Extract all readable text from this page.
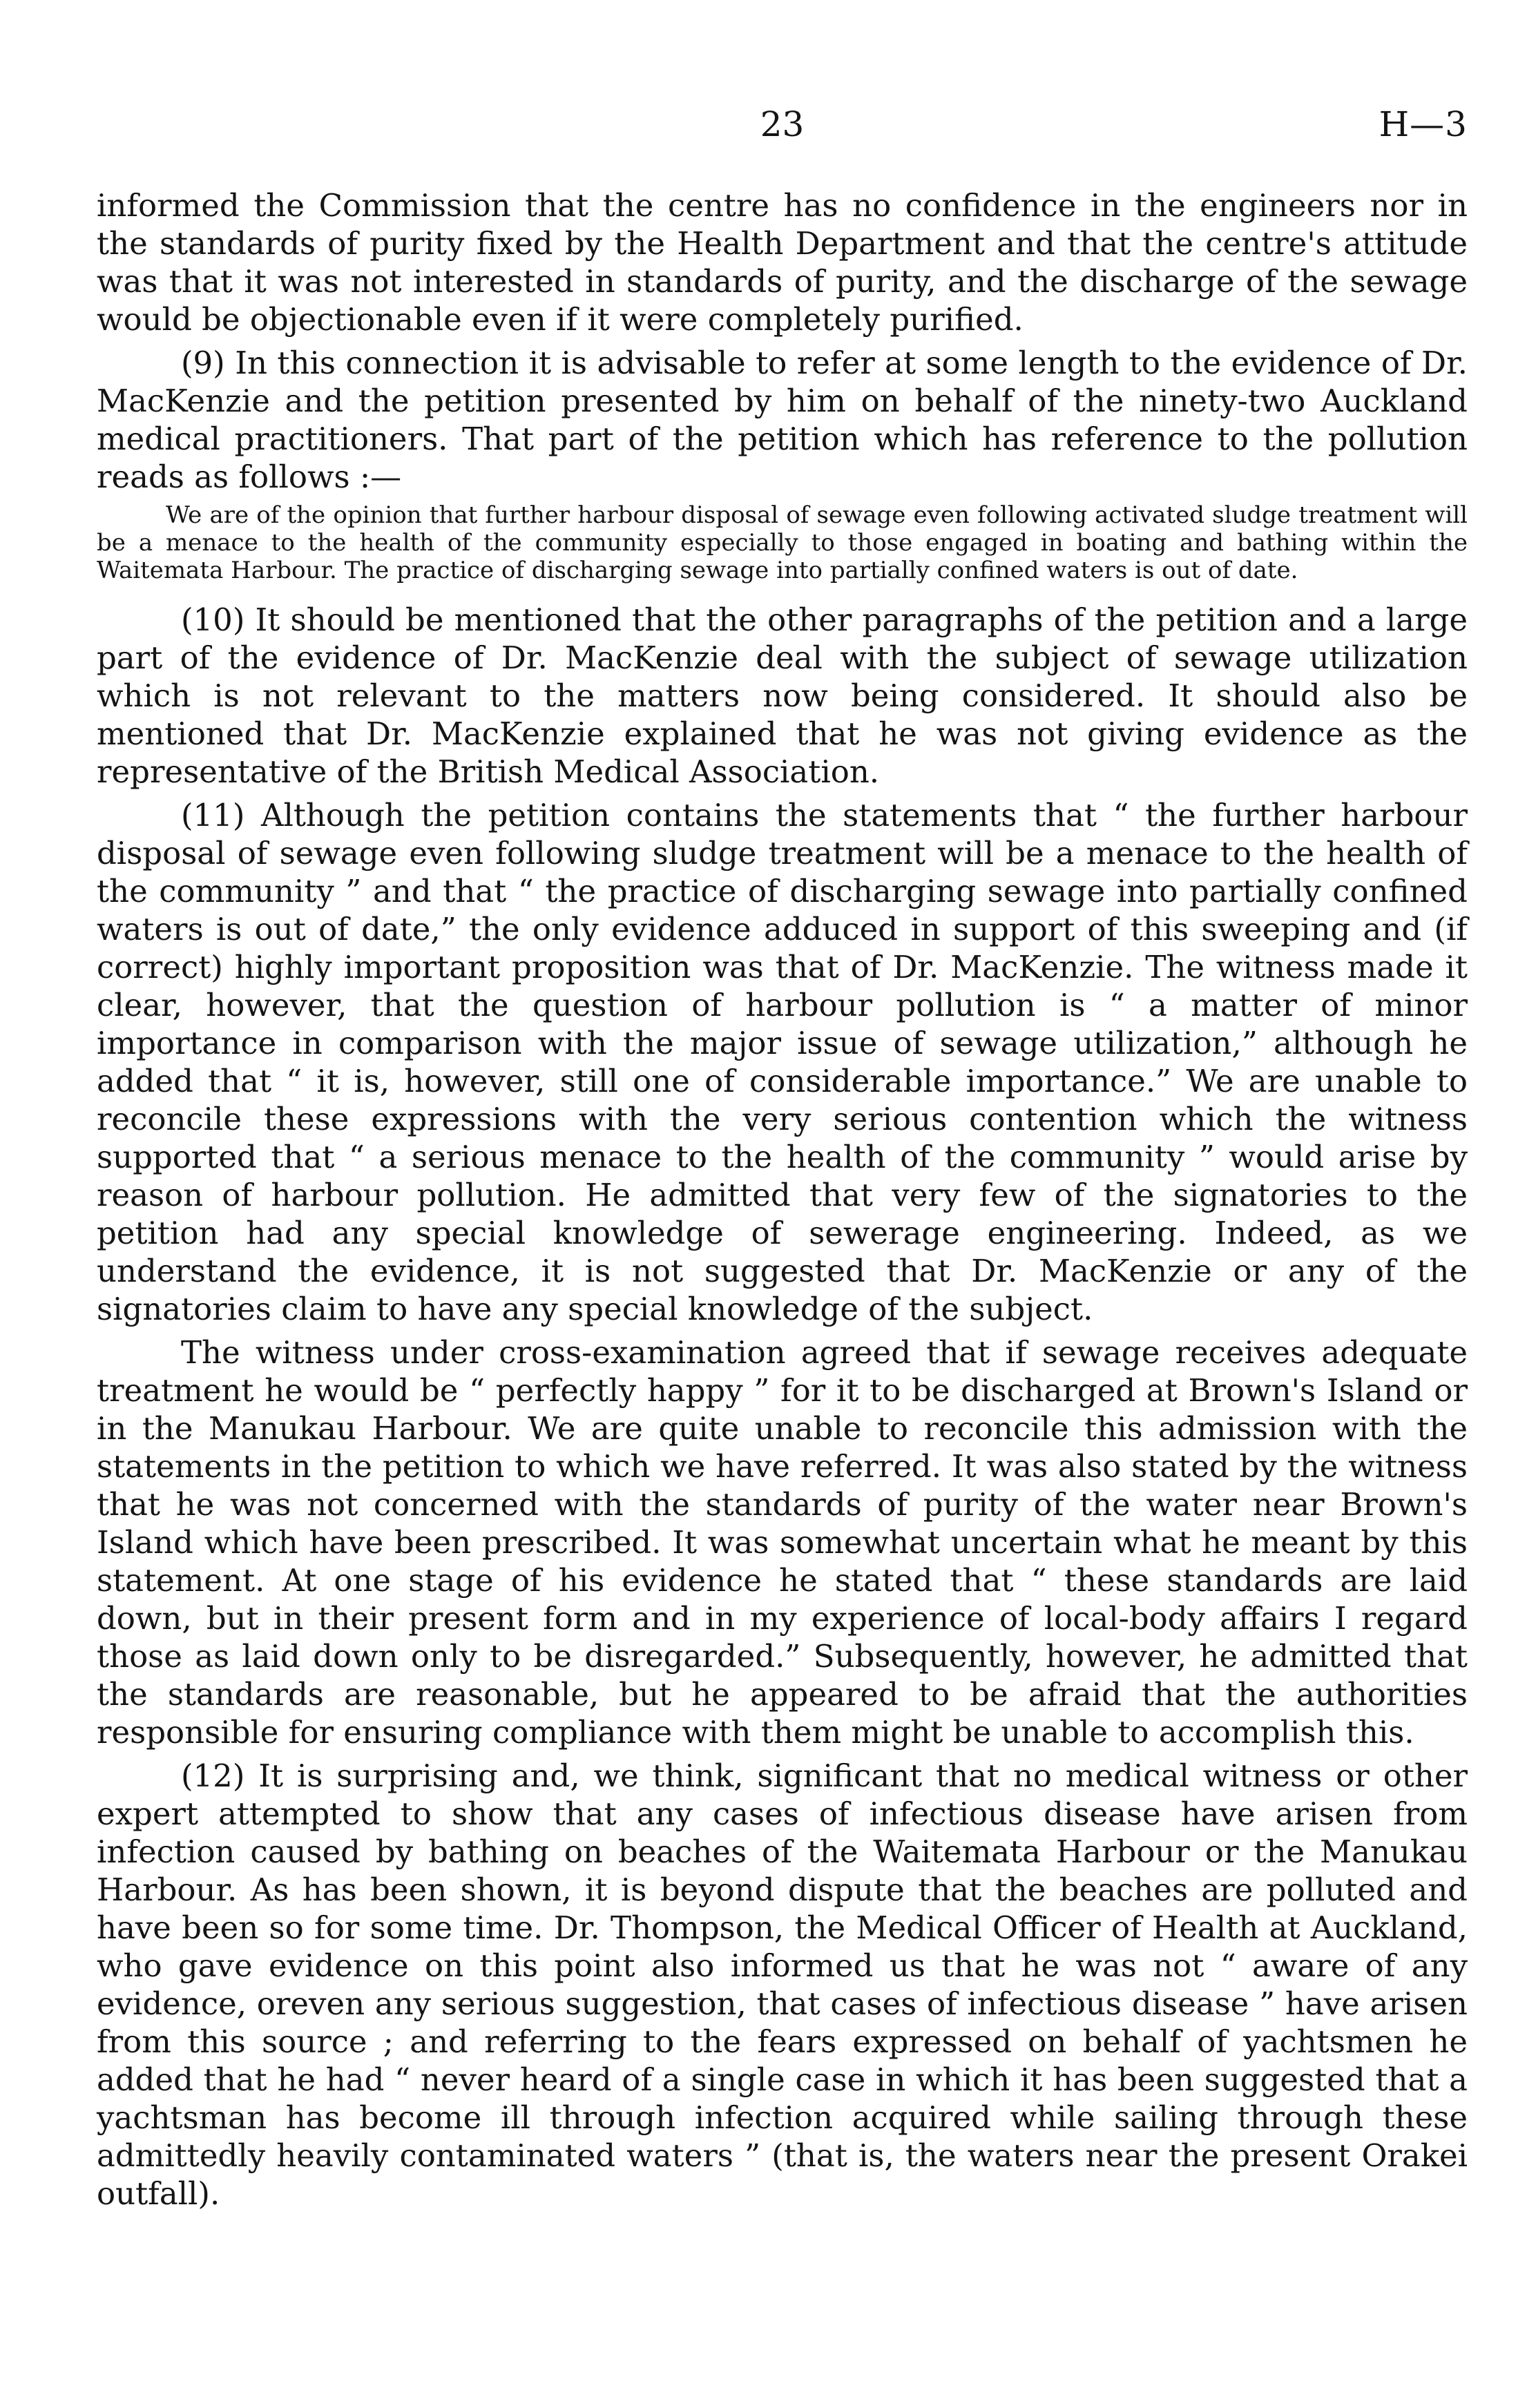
23	H—3

informed the Commission that the centre has no confidence in the engineers nor in the standards of purity fixed by the Health Department and that the centre's attitude was that it was not interested in standards of purity, and the discharge of the sewage would be objectionable even if it were completely purified.

(9) In this connection it is advisable to refer at some length to the evidence of Dr. MacKenzie and the petition presented by him on behalf of the ninety-two Auckland medical practitioners. That part of the petition which has reference to the pollution reads as follows :—

We are of the opinion that further harbour disposal of sewage even following activated sludge treatment will be a menace to the health of the community especially to those engaged in boating and bathing within the Waitemata Harbour. The practice of discharging sewage into partially confined waters is out of date.

(10) It should be mentioned that the other paragraphs of the petition and a large part of the evidence of Dr. MacKenzie deal with the subject of sewage utilization which is not relevant to the matters now being considered. It should also be mentioned that Dr. MacKenzie explained that he was not giving evidence as the representative of the British Medical Association.

(11) Although the petition contains the statements that “ the further harbour disposal of sewage even following sludge treatment will be a menace to the health of the community ” and that “ the practice of discharging sewage into partially confined waters is out of date,” the only evidence adduced in support of this sweeping and (if correct) highly important proposition was that of Dr. MacKenzie. The witness made it clear, however, that the question of harbour pollution is “ a matter of minor importance in comparison with the major issue of sewage utilization,” although he added that “ it is, however, still one of considerable importance.” We are unable to reconcile these expressions with the very serious contention which the witness supported that “ a serious menace to the health of the community ” would arise by reason of harbour pollution. He admitted that very few of the signatories to the petition had any special knowledge of sewerage engineering. Indeed, as we understand the evidence, it is not suggested that Dr. MacKenzie or any of the signatories claim to have any special knowledge of the subject.

The witness under cross-examination agreed that if sewage receives adequate treatment he would be “ perfectly happy ” for it to be discharged at Brown's Island or in the Manukau Harbour. We are quite unable to reconcile this admission with the statements in the petition to which we have referred. It was also stated by the witness that he was not concerned with the standards of purity of the water near Brown's Island which have been prescribed. It was somewhat uncertain what he meant by this statement. At one stage of his evidence he stated that “ these standards are laid down, but in their present form and in my experience of local-body affairs I regard those as laid down only to be disregarded.” Subsequently, however, he admitted that the standards are reasonable, but he appeared to be afraid that the authorities responsible for ensuring compliance with them might be unable to accomplish this.

(12) It is surprising and, we think, significant that no medical witness or other expert attempted to show that any cases of infectious disease have arisen from infection caused by bathing on beaches of the Waitemata Harbour or the Manukau Harbour. As has been shown, it is beyond dispute that the beaches are polluted and have been so for some time. Dr. Thompson, the Medical Officer of Health at Auckland, who gave evidence on this point also informed us that he was not “ aware of any evidence, oreven any serious suggestion, that cases of infectious disease ” have arisen from this source ; and referring to the fears expressed on behalf of yachtsmen he added that he had “ never heard of a single case in which it has been suggested that a yachtsman has become ill through infection acquired while sailing through these admittedly heavily contaminated waters ” (that is, the waters near the present Orakei outfall).
